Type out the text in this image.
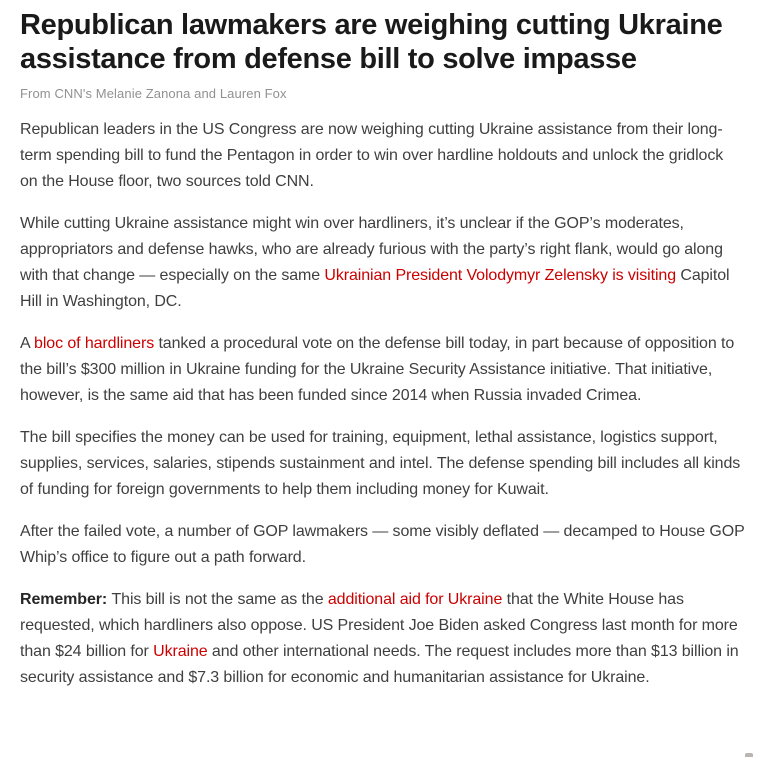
Republican lawmakers are weighing cutting Ukraine assistance from defense bill to solve impasse
From CNN's Melanie Zanona and Lauren Fox

Republican leaders in the US Congress are now weighing cutting Ukraine assistance from their long-term spending bill to fund the Pentagon in order to win over hardline holdouts and unlock the gridlock on the House floor, two sources told CNN.

While cutting Ukraine assistance might win over hardliners, it’s unclear if the GOP’s moderates, appropriators and defense hawks, who are already furious with the party’s right flank, would go along with that change — especially on the same Ukrainian President Volodymyr Zelensky is visiting Capitol Hill in Washington, DC.

A bloc of hardliners tanked a procedural vote on the defense bill today, in part because of opposition to the bill’s $300 million in Ukraine funding for the Ukraine Security Assistance initiative. That initiative, however, is the same aid that has been funded since 2014 when Russia invaded Crimea.

The bill specifies the money can be used for training, equipment, lethal assistance, logistics support, supplies, services, salaries, stipends sustainment and intel. The defense spending bill includes all kinds of funding for foreign governments to help them including money for Kuwait.

After the failed vote, a number of GOP lawmakers — some visibly deflated — decamped to House GOP Whip’s office to figure out a path forward.

Remember: This bill is not the same as the additional aid for Ukraine that the White House has requested, which hardliners also oppose. US President Joe Biden asked Congress last month for more than $24 billion for Ukraine and other international needs. The request includes more than $13 billion in security assistance and $7.3 billion for economic and humanitarian assistance for Ukraine.
